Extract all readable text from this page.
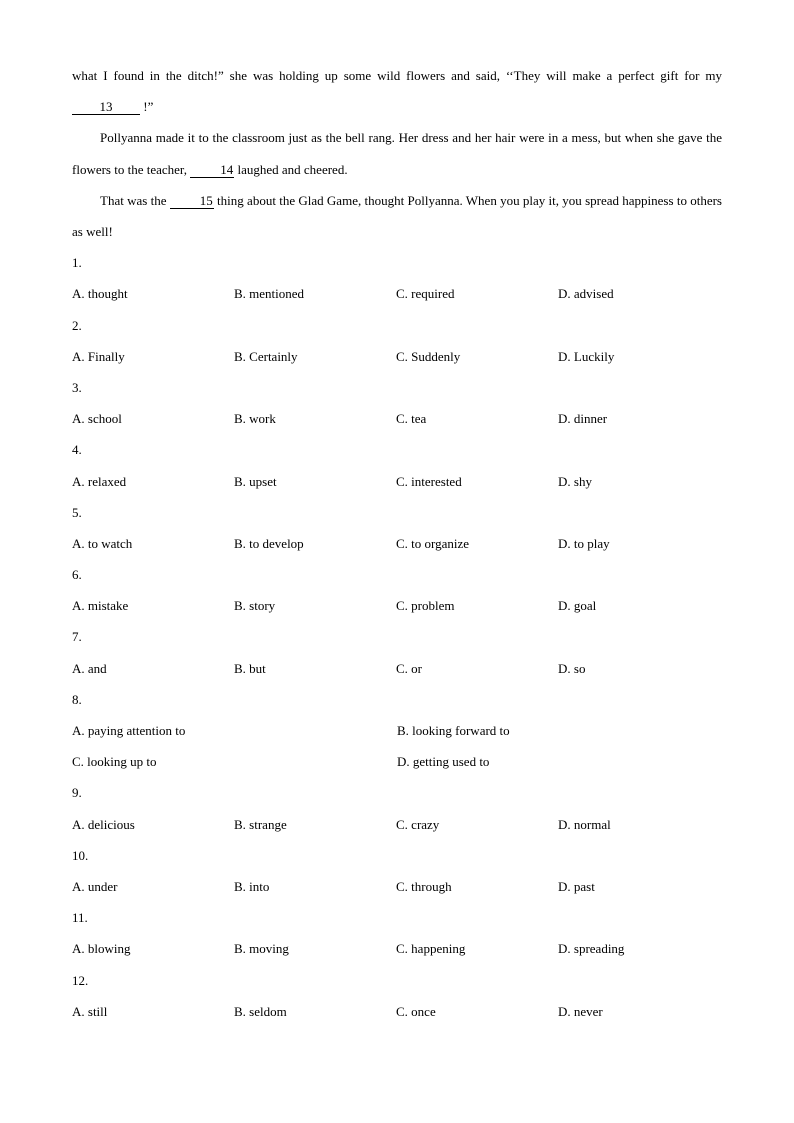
what I found in the ditch!” she was holding up some wild flowers and said, ‘‘They will make a perfect gift for my 13 !”

Pollyanna made it to the classroom just as the bell rang. Her dress and her hair were in a mess, but when she gave the flowers to the teacher, 14 laughed and cheered.

That was the 15 thing about the Glad Game, thought Pollyanna. When you play it, you spread happiness to others as well!

1.
A. thought	B. mentioned	C. required	D. advised
2.
A. Finally	B. Certainly	C. Suddenly	D. Luckily
3.
A. school	B. work	C. tea	D. dinner
4.
A. relaxed	B. upset	C. interested	D. shy
5.
A. to watch	B. to develop	C. to organize	D. to play
6.
A. mistake	B. story	C. problem	D. goal
7.
A. and	B. but	C. or	D. so
8.
A. paying attention to	B. looking forward to
C. looking up to	D. getting used to
9.
A. delicious	B. strange	C. crazy	D. normal
10.
A. under	B. into	C. through	D. past
11.
A. blowing	B. moving	C. happening	D. spreading
12.
A. still	B. seldom	C. once	D. never
